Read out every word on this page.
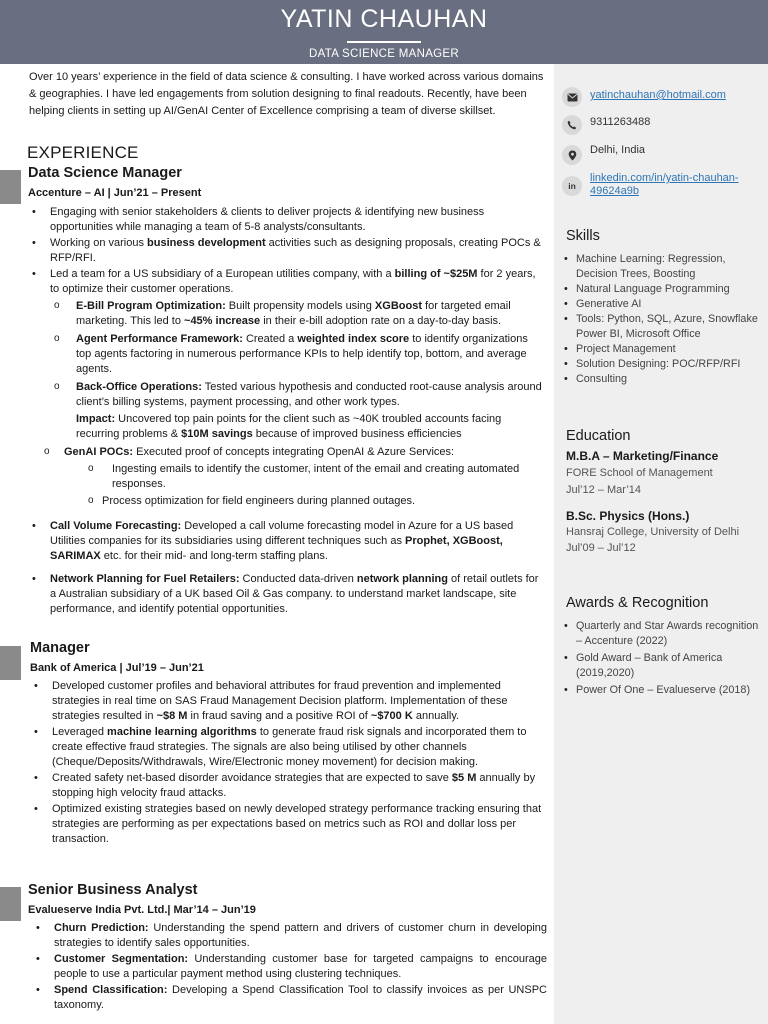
YATIN CHAUHAN
DATA SCIENCE MANAGER

Over 10 years’ experience in the field of data science & consulting. I have worked across various domains & geographies. I have led engagements from solution designing to final readouts. Recently, have been helping clients in setting up AI/GenAI Center of Excellence comprising a team of diverse skillset.

EXPERIENCE
Data Science Manager
Accenture – AI | Jun’21 – Present
• Engaging with senior stakeholders & clients to deliver projects & identifying new business opportunities while managing a team of 5-8 analysts/consultants.
• Working on various business development activities such as designing proposals, creating POCs & RFP/RFI.
• Led a team for a US subsidiary of a European utilities company, with a billing of ~$25M for 2 years, to optimize their customer operations.
o E-Bill Program Optimization: Built propensity models using XGBoost for targeted email marketing. This led to ~45% increase in their e-bill adoption rate on a day-to-day basis.
o Agent Performance Framework: Created a weighted index score to identify organizations top agents factoring in numerous performance KPIs to help identify top, bottom, and average agents.
o Back-Office Operations: Tested various hypothesis and conducted root-cause analysis around client’s billing systems, payment processing, and other work types.
Impact: Uncovered top pain points for the client such as ~40K troubled accounts facing recurring problems & $10M savings because of improved business efficiencies
o GenAI POCs: Executed proof of concepts integrating OpenAI & Azure Services:
o Ingesting emails to identify the customer, intent of the email and creating automated responses.
o Process optimization for field engineers during planned outages.
• Call Volume Forecasting: Developed a call volume forecasting model in Azure for a US based Utilities companies for its subsidiaries using different techniques such as Prophet, XGBoost, SARIMAX etc. for their mid- and long-term staffing plans.
• Network Planning for Fuel Retailers: Conducted data-driven network planning of retail outlets for a Australian subsidiary of a UK based Oil & Gas company. to understand market landscape, site performance, and identify potential opportunities.
Manager
Bank of America | Jul’19 – Jun’21
• Developed customer profiles and behavioral attributes for fraud prevention and implemented strategies in real time on SAS Fraud Management Decision platform. Implementation of these strategies resulted in ~$8 M in fraud saving and a positive ROI of ~$700 K annually.
• Leveraged machine learning algorithms to generate fraud risk signals and incorporated them to create effective fraud strategies. The signals are also being utilised by other channels (Cheque/Deposits/Withdrawals, Wire/Electronic money movement) for decision making.
• Created safety net-based disorder avoidance strategies that are expected to save $5 M annually by stopping high velocity fraud attacks.
• Optimized existing strategies based on newly developed strategy performance tracking ensuring that strategies are performing as per expectations based on metrics such as ROI and dollar loss per transaction.
Senior Business Analyst
Evalueserve India Pvt. Ltd.| Mar’14 – Jun’19
• Churn Prediction: Understanding the spend pattern and drivers of customer churn in developing strategies to identify sales opportunities.
• Customer Segmentation: Understanding customer base for targeted campaigns to encourage people to use a particular payment method using clustering techniques.
• Spend Classification: Developing a Spend Classification Tool to classify invoices as per UNSPC taxonomy.
yatinchauhan@hotmail.com
9311263488
Delhi, India
in
linkedin.com/in/yatin-chauhan-49624a9b
Skills
• Machine Learning: Regression, Decision Trees, Boosting
• Natural Language Programming
• Generative AI
• Tools: Python, SQL, Azure, Snowflake Power BI, Microsoft Office
• Project Management
• Solution Designing: POC/RFP/RFI
• Consulting
Education
M.B.A – Marketing/Finance
FORE School of Management
Jul’12 – Mar’14
B.Sc. Physics (Hons.)
Hansraj College, University of Delhi
Jul’09 – Jul’12
Awards & Recognition
• Quarterly and Star Awards recognition – Accenture (2022)
• Gold Award – Bank of America (2019,2020)
• Power Of One – Evalueserve (2018)
